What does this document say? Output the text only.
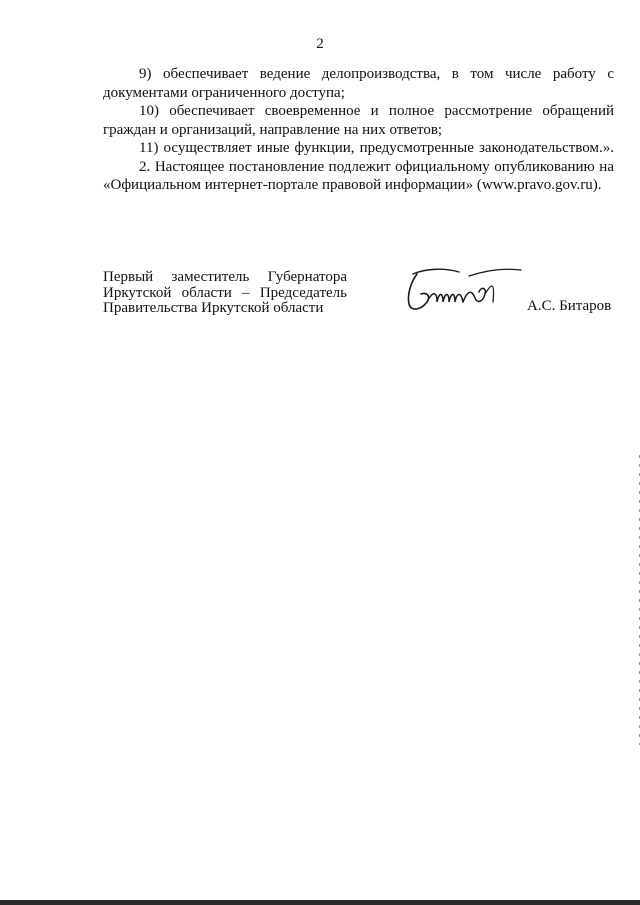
2

9) обеспечивает ведение делопроизводства, в том числе работу с документами ограниченного доступа;

10) обеспечивает своевременное и полное рассмотрение обращений граждан и организаций, направление на них ответов;

11) осуществляет иные функции, предусмотренные законодательством.».

2. Настоящее постановление подлежит официальному опубликованию на «Официальном интернет-портале правовой информации» (www.pravo.gov.ru).

Первый заместитель Губернатора
Иркутской области – Председатель
Правительства Иркутской области	А.С. Битаров
